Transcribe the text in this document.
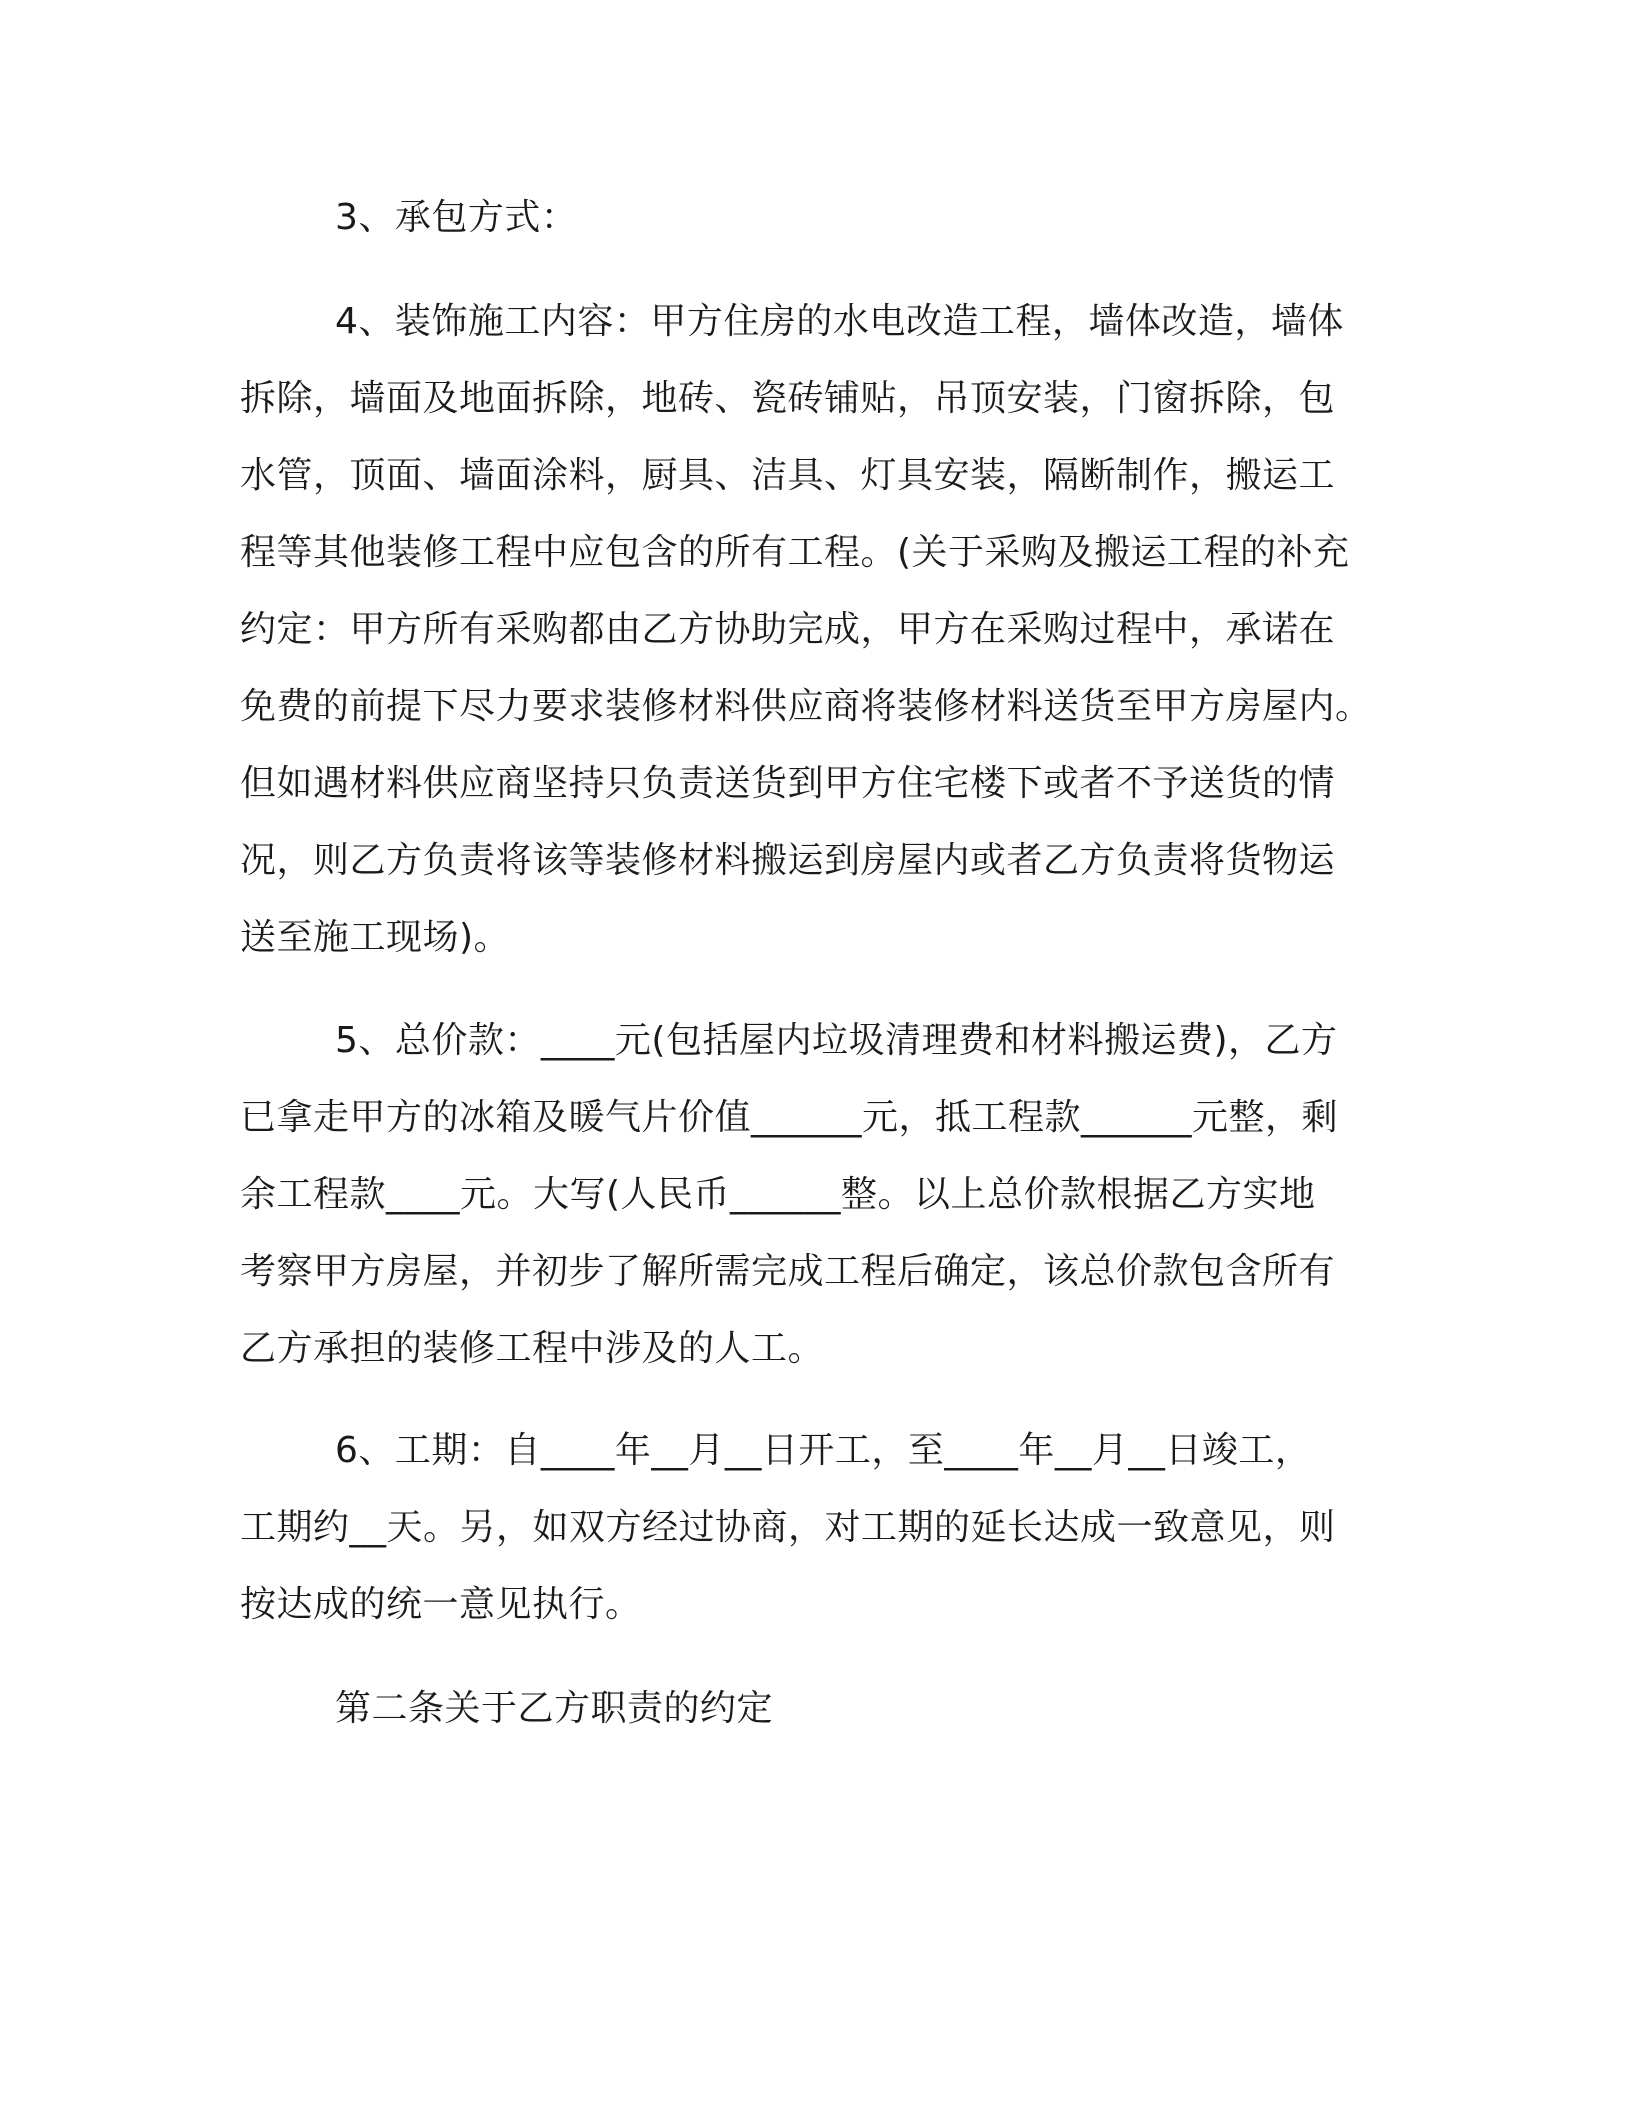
3、承包方式：
4、装饰施工内容：甲方住房的水电改造工程，墙体改造，墙体
拆除，墙面及地面拆除，地砖、瓷砖铺贴，吊顶安装，门窗拆除，包
水管，顶面、墙面涂料，厨具、洁具、灯具安装，隔断制作，搬运工
程等其他装修工程中应包含的所有工程。(关于采购及搬运工程的补充
约定：甲方所有采购都由乙方协助完成，甲方在采购过程中，承诺在
免费的前提下尽力要求装修材料供应商将装修材料送货至甲方房屋内。
但如遇材料供应商坚持只负责送货到甲方住宅楼下或者不予送货的情
况，则乙方负责将该等装修材料搬运到房屋内或者乙方负责将货物运
送至施工现场)。
5、总价款：____元(包括屋内垃圾清理费和材料搬运费)，乙方
已拿走甲方的冰箱及暖气片价值______元，抵工程款______元整，剩
余工程款____元。大写(人民币______整。以上总价款根据乙方实地
考察甲方房屋，并初步了解所需完成工程后确定，该总价款包含所有
乙方承担的装修工程中涉及的人工。
6、工期：自____年__月__日开工，至____年__月__日竣工，
工期约__天。另，如双方经过协商，对工期的延长达成一致意见，则
按达成的统一意见执行。
第二条关于乙方职责的约定
